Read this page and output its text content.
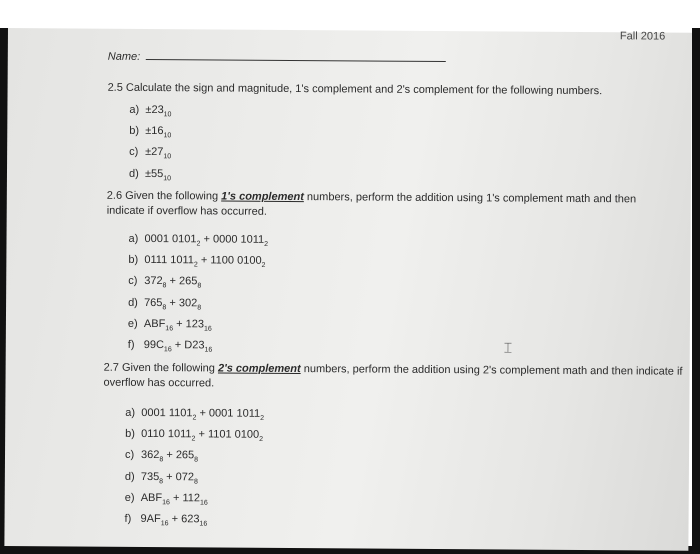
Fall 2016
Name:
2.5 Calculate the sign and magnitude, 1's complement and 2's complement for the following numbers.
$a) \pm 23_{10}$
$b) \pm 16_{10}$
$c) \pm 27_{10}$
$d) \pm 55_{10}$
2.6 Given the following 1's complement numbers, perform the addition using 1's complement math and then indicate if overflow has occurred.
a) 0001 $0101_2 + 0000$ $1011_2$
b) 0111 $1011_2 + 1100$ $0100_2$
c) $372_8 + 265_8$
d) $765_8 + 302_8$
e) $ABF_{16} + 123_{16}$
f) $99C_{16} + D23_{16}$	⌶
2.7 Given the following 2's complement numbers, perform the addition using 2's complement math and then indicate if overflow has occurred.
a) 0001 $1101_2 + 0001$ $1011_2$
b) 0110 $1011_2 + 1101$ $0100_2$
c) $362_8 + 265_8$
d) $735_8 + 072_8$
e) $ABF_{16} + 112_{16}$
f) $9AF_{16} + 623_{16}$
